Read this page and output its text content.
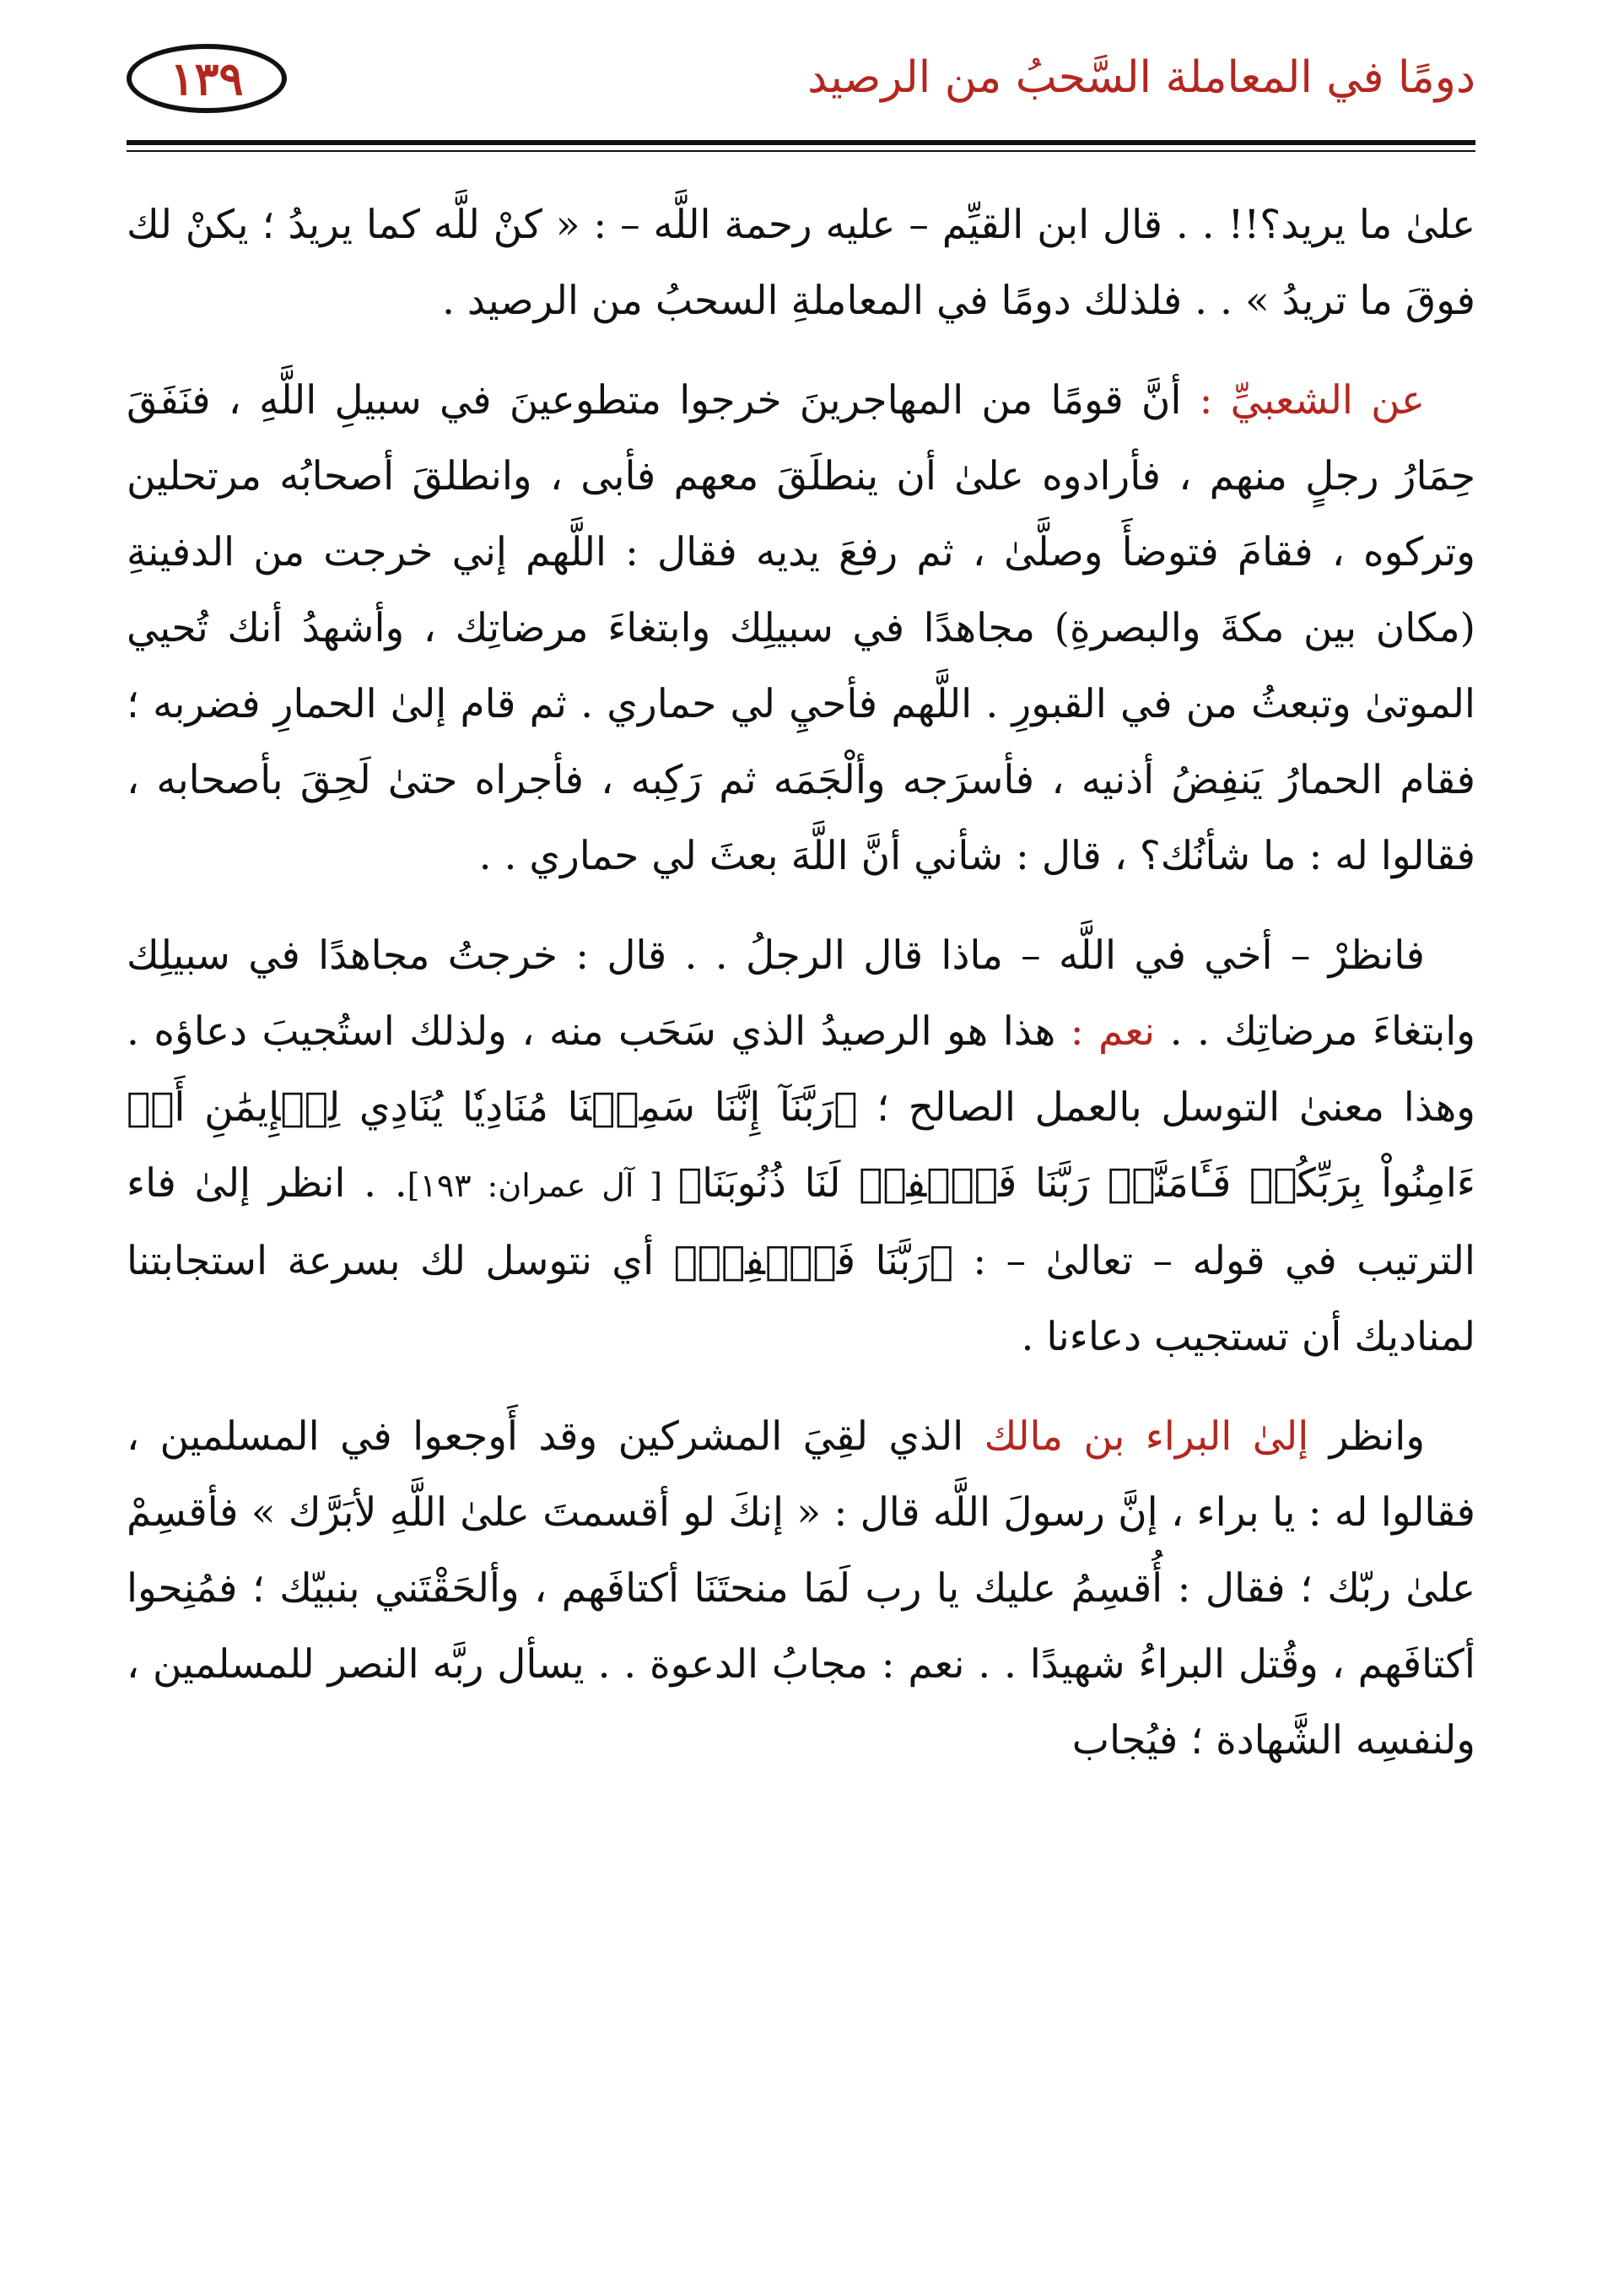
دومًا في المعاملة السَّحبُ من الرصيد
١٣٩

علىٰ ما يريد؟!! . . قال ابن القيِّم – عليه رحمة اللَّه – : « كنْ للَّه كما يريدُ ؛ يكنْ لك فوقَ ما تريدُ » . . فلذلك دومًا في المعاملةِ السحبُ من الرصيد .

عن الشعبيِّ : أنَّ قومًا من المهاجرينَ خرجوا متطوعينَ في سبيلِ اللَّهِ ، فنَفَقَ حِمَارُ رجلٍ منهم ، فأرادوه علىٰ أن ينطلَقَ معهم فأبى ، وانطلقَ أصحابُه مرتحلين وتركوه ، فقامَ فتوضأَ وصلَّىٰ ، ثم رفعَ يديه فقال : اللَّهم إني خرجت من الدفينةِ (مكان بين مكةَ والبصرةِ) مجاهدًا في سبيلِك وابتغاءَ مرضاتِك ، وأشهدُ أنك تُحيي الموتىٰ وتبعثُ من في القبورِ . اللَّهم فأحيِ لي حماري . ثم قام إلىٰ الحمارِ فضربه ؛ فقام الحمارُ يَنفِضُ أذنيه ، فأسرَجه وألْجَمَه ثم رَكِبه ، فأجراه حتىٰ لَحِقَ بأصحابه ، فقالوا له : ما شأنُك؟ ، قال : شأني أنَّ اللَّهَ بعثَ لي حماري . .

فانظرْ – أخي في اللَّه – ماذا قال الرجلُ . . قال : خرجتُ مجاهدًا في سبيلِك وابتغاءَ مرضاتِك . . نعم : هذا هو الرصيدُ الذي سَحَب منه ، ولذلك استُجيبَ دعاؤه . وهذا معنىٰ التوسل بالعمل الصالح ؛ ﴿رَبَّنَآ إِنَّنَا سَمِعۡنَا مُنَادِيٗا يُنَادِي لِلۡإِيمَٰنِ أَنۡ ءَامِنُواْ بِرَبِّكُمۡ فَـَٔامَنَّاۚ رَبَّنَا فَٱغۡفِرۡ لَنَا ذُنُوبَنَا﴾ [ آل عمران: ١٩٣]. . انظر إلىٰ فاء الترتيب في قوله – تعالىٰ – : ﴿رَبَّنَا فَٱغۡفِرۡ﴾ أي نتوسل لك بسرعة استجابتنا لمناديك أن تستجيب دعاءنا .

وانظر إلىٰ البراء بن مالك الذي لقِيَ المشركين وقد أَوجعوا في المسلمين ، فقالوا له : يا براء ، إنَّ رسولَ اللَّه قال : « إنكَ لو أقسمتَ علىٰ اللَّهِ لأبَرَّك » فأقسِمْ علىٰ ربّك ؛ فقال : أُقسِمُ عليك يا رب لَمَا منحتَنَا أكتافَهم ، وألحَقْتَني بنبيّك ؛ فمُنِحوا أكتافَهم ، وقُتل البراءُ شهيدًا . . نعم : مجابُ الدعوة . . يسأل ربَّه النصر للمسلمين ، ولنفسِه الشَّهادة ؛ فيُجاب
